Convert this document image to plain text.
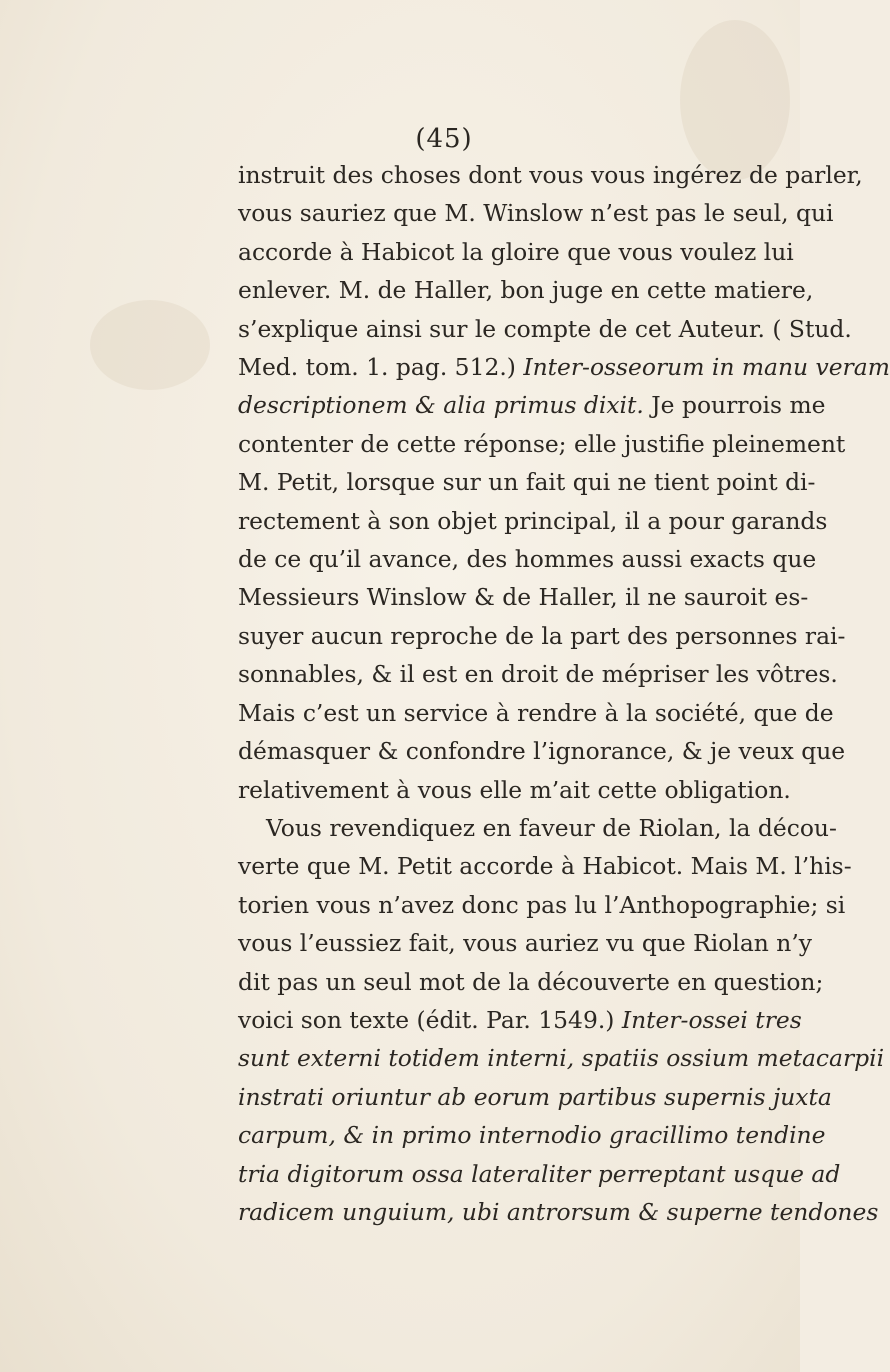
(45)
instruit des choses dont vous vous ingérez de parler,
vous sauriez que M. Winslow n’est pas le seul, qui
accorde à Habicot la gloire que vous voulez lui
enlever. M. de Haller, bon juge en cette matiere,
s’explique ainsi sur le compte de cet Auteur. ( Stud.
Med. tom. 1. pag. 512.) Inter-osseorum in manu veram
descriptionem & alia primus dixit. Je pourrois me
contenter de cette réponse; elle justifie pleinement
M. Petit, lorsque sur un fait qui ne tient point di-
rectement à son objet principal, il a pour garands
de ce qu’il avance, des hommes aussi exacts que
Messieurs Winslow & de Haller, il ne sauroit es-
suyer aucun reproche de la part des personnes rai-
sonnables, & il est en droit de mépriser les vôtres.
Mais c’est un service à rendre à la société, que de
démasquer & confondre l’ignorance, & je veux que
relativement à vous elle m’ait cette obligation.
Vous revendiquez en faveur de Riolan, la décou-
verte que M. Petit accorde à Habicot. Mais M. l’his-
torien vous n’avez donc pas lu l’Anthopographie; si
vous l’eussiez fait, vous auriez vu que Riolan n’y
dit pas un seul mot de la découverte en question;
voici son texte (édit. Par. 1549.) Inter-ossei tres
sunt externi totidem interni, spatiis ossium metacarpii
instrati oriuntur ab eorum partibus supernis juxta
carpum, & in primo internodio gracillimo tendine
tria digitorum ossa lateraliter perreptant usque ad
radicem unguium, ubi antrorsum & superne tendones
